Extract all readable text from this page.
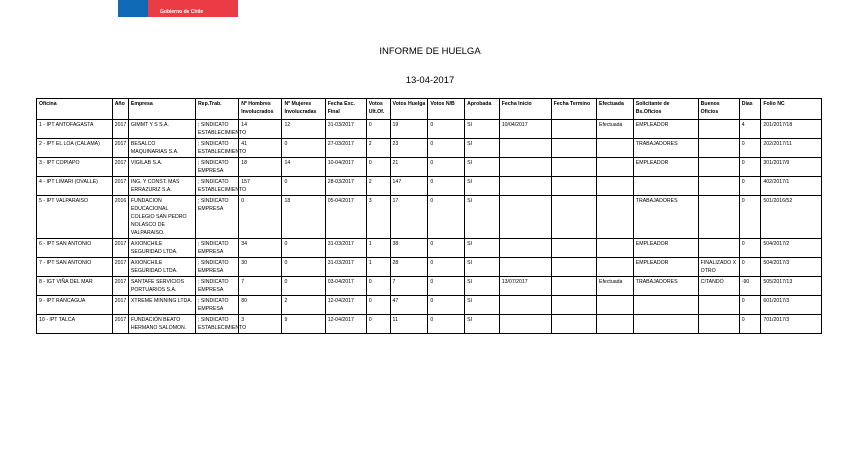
Gobierno de Chile
INFORME DE HUELGA
13-04-2017
Oficina	Año	Empresa	Rep.Trab.	Nº Hombres Involucrados	Nº Mujeres Involucradas	Fecha Exc. Final	Votos Ult.Of.	Votos Huelga	Votos N/B	Aprobada	Fecha Inicio	Fecha Termino	Efectuada	Solicitante de Bs.Oficios	Buenos Oficios	Días	Folio NC
1 - IPT ANTOFAGASTA	2017	GIMMT Y S S.A.	; SINDICATO ESTABLECIMIENTO	14	12	31-03/2017	0	19	0	SI	10/04/2017		Efectuada	EMPLEADOR		4	201/2017/18
2 - IPT EL LOA (CALAMA)	2017	BESALCO MAQUINARIAS S.A.	; SINDICATO ESTABLECIMIENTO	41	0	27-03/2017	2	23	0	SI				TRABAJADORES		0	202/2017/11
3 - IPT COPIAPO	2017	VIGILAB S.A.	; SINDICATO EMPRESA	18	14	10-04/2017	0	21	0	SI				EMPLEADOR		0	301/2017/9
4 - IPT LIMARI (OVALLE)	2017	ING. Y CONST. MAS ERRAZURIZ S.A.	; SINDICATO ESTABLECIMIENTO	157	0	28-03/2017	2	147	0	SI						0	402/2017/1
5 - IPT VALPARAISO	2016	FUNDACION EDUCACIONAL COLEGIO SAN PEDRO NOLASCO DE VALPARAISO.	; SINDICATO EMPRESA	0	18	05-04/2017	3	17	0	SI				TRABAJADORES		0	501/2016/52
6 - IPT SAN ANTONIO	2017	AXIONCHILE SEGURIDAD LTDA.	; SINDICATO EMPRESA	34	0	31-03/2017	1	38	0	SI				EMPLEADOR		0	504/2017/2
7 - IPT SAN ANTONIO	2017	AXIONCHILE SEGURIDAD LTDA.	; SINDICATO EMPRESA	30	0	31-03/2017	1	28	0	SI				EMPLEADOR	FINALIZADO X OTRO	0	504/2017/3
8 - IGT VIÑA DEL MAR	2017	SANTAFE SERVICIOS PORTUARIOS S.A.	; SINDICATO EMPRESA	7	0	03-04/2017	0	7	0	SI	13/07/2017		Efectuada	TRABAJADORES	CITANDO	-90	505/2017/13
9 - IPT RANCAGUA	2017	XTREME MINNING LTDA.	; SINDICATO EMPRESA	80	2	12-04/2017	0	47	0	SI						0	601/2017/3
10 - IPT TALCA	2017	FUNDACIÓN BEATO HERMANO SALOMON.	; SINDICATO ESTABLECIMIENTO	3	9	12-04/2017	0	11	0	SI						0	701/2017/3
